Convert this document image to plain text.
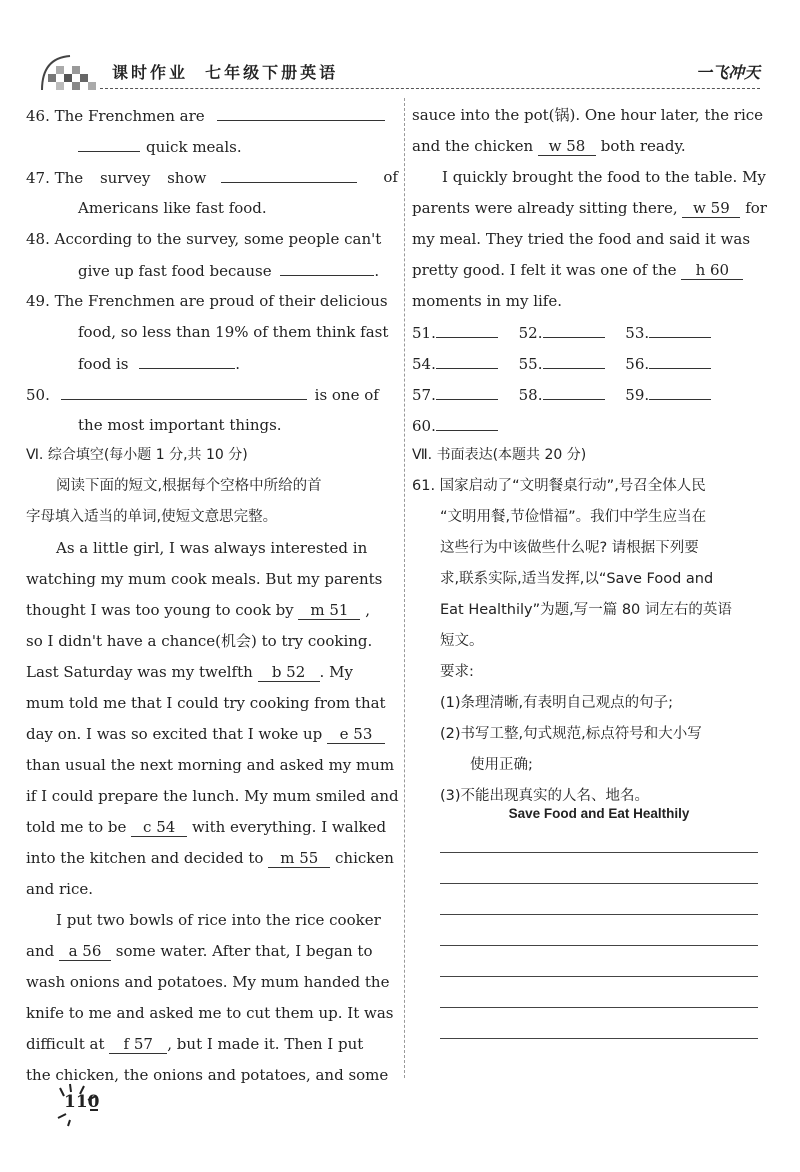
课时作业  七年级下册英语	一飞冲天
46. The Frenchmen are
quick meals.
47. The survey show	of
Americans like fast food.
48. According to the survey, some people can't
give up fast food because	.
49. The Frenchmen are proud of their delicious
food, so less than 19% of them think fast
food is	.
50.	is one of
the most important things.
Ⅵ. 综合填空(每小题 1 分,共 10 分)
阅读下面的短文,根据每个空格中所给的首
字母填入适当的单词,使短文意思完整。
As a little girl, I was always interested in
watching my mum cook meals. But my parents
thought I was too young to cook by m 51 ,
so I didn't have a chance(机会) to try cooking.
Last Saturday was my twelfth b 52 . My
mum told me that I could try cooking from that
day on. I was so excited that I woke up e 53
than usual the next morning and asked my mum
if I could prepare the lunch. My mum smiled and
told me to be c 54 with everything. I walked
into the kitchen and decided to m 55 chicken
and rice.
I put two bowls of rice into the rice cooker
and a 56 some water. After that, I began to
wash onions and potatoes. My mum handed the
knife to me and asked me to cut them up. It was
difficult at f 57 , but I made it. Then I put
the chicken, the onions and potatoes, and some
sauce into the pot(锅). One hour later, the rice
and the chicken w 58 both ready.
I quickly brought the food to the table. My
parents were already sitting there, w 59 for
my meal. They tried the food and said it was
pretty good. I felt it was one of the h 60
moments in my life.
51.	52.	53.
54.	55.	56.
57.	58.	59.
60.
Ⅶ. 书面表达(本题共 20 分)
61. 国家启动了“文明餐桌行动”,号召全体人民
“文明用餐,节俭惜福”。我们中学生应当在
这些行为中该做些什么呢? 请根据下列要
求,联系实际,适当发挥,以“Save Food and
Eat Healthily”为题,写一篇 80 词左右的英语
短文。
要求:
(1)条理清晰,有表明自己观点的句子;
(2)书写工整,句式规范,标点符号和大小写
使用正确;
(3)不能出现真实的人名、地名。
Save Food and Eat Healthily
110
